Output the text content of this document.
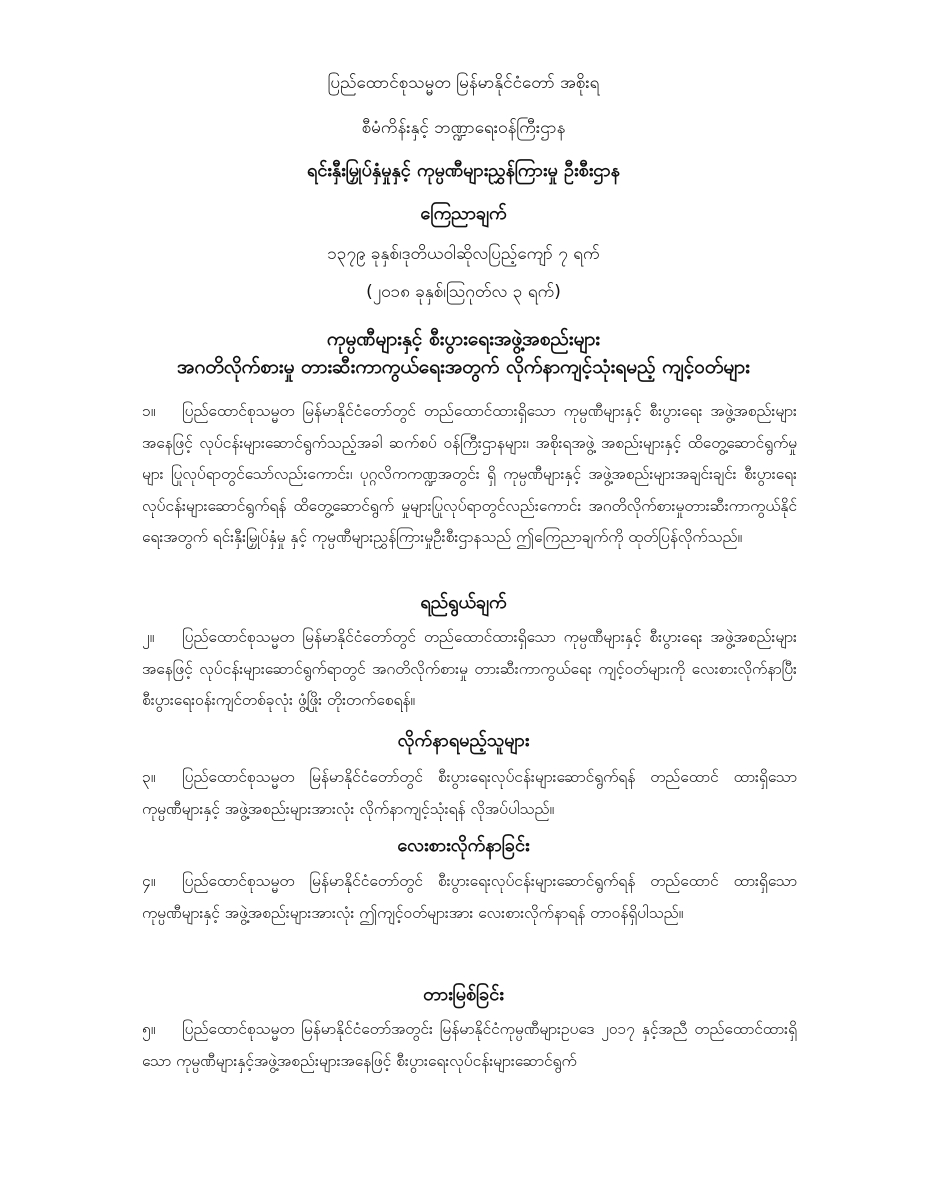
ပြည်ထောင်စုသမ္မတ မြန်မာနိုင်ငံတော် အစိုးရ
စီမံကိန်းနှင့် ဘဏ္ဍာရေးဝန်ကြီးဌာန
ရင်းနှီးမြှုပ်နှံမှုနှင့် ကုမ္ပဏီများညွှန်ကြားမှု ဦးစီးဌာန
ကြေညာချက်
၁၃၇၉ ခုနှစ်၊ဒုတိယဝါဆိုလပြည့်ကျော် ၇ ရက်
(၂၀၁၈ ခုနှစ်၊ဩဂုတ်လ ၃ ရက်)
ကုမ္ပဏီများနှင့် စီးပွားရေးအဖွဲ့အစည်းများ
အဂတိလိုက်စားမှု တားဆီးကာကွယ်ရေးအတွက် လိုက်နာကျင့်သုံးရမည့် ကျင့်ဝတ်များ
၁။ ပြည်ထောင်စုသမ္မတ မြန်မာနိုင်ငံတော်တွင် တည်ထောင်ထားရှိသော ကုမ္ပဏီများနှင့် စီးပွားရေး အဖွဲ့အစည်းများအနေဖြင့် လုပ်ငန်းများဆောင်ရွက်သည့်အခါ ဆက်စပ် ဝန်ကြီးဌာနများ၊ အစိုးရအဖွဲ့ အစည်းများနှင့် ထိတွေ့ဆောင်ရွက်မှုများ ပြုလုပ်ရာတွင်သော်လည်းကောင်း၊ ပုဂ္ဂလိကကဏ္ဍအတွင်း ရှိ ကုမ္ပဏီများနှင့် အဖွဲ့အစည်းများအချင်းချင်း စီးပွားရေးလုပ်ငန်းများဆောင်ရွက်ရန် ထိတွေ့ဆောင်ရွက် မှုများပြုလုပ်ရာတွင်လည်းကောင်း အဂတိလိုက်စားမှုတားဆီးကာကွယ်နိုင်ရေးအတွက် ရင်းနှီးမြှုပ်နှံမှု နှင့် ကုမ္ပဏီများညွှန်ကြားမှုဦးစီးဌာနသည် ဤကြေညာချက်ကို ထုတ်ပြန်လိုက်သည်။
ရည်ရွယ်ချက်
၂။ ပြည်ထောင်စုသမ္မတ မြန်မာနိုင်ငံတော်တွင် တည်ထောင်ထားရှိသော ကုမ္ပဏီများနှင့် စီးပွားရေး အဖွဲ့အစည်းများအနေဖြင့် လုပ်ငန်းများဆောင်ရွက်ရာတွင် အဂတိလိုက်စားမှု တားဆီးကာကွယ်ရေး ကျင့်ဝတ်များကို လေးစားလိုက်နာပြီး စီးပွားရေးဝန်းကျင်တစ်ခုလုံး ဖွံ့ဖြိုး တိုးတက်စေရန်။
လိုက်နာရမည့်သူများ
၃။ ပြည်ထောင်စုသမ္မတ မြန်မာနိုင်ငံတော်တွင် စီးပွားရေးလုပ်ငန်းများဆောင်ရွက်ရန် တည်ထောင် ထားရှိသော ကုမ္ပဏီများနှင့် အဖွဲ့အစည်းများအားလုံး လိုက်နာကျင့်သုံးရန် လိုအပ်ပါသည်။
လေးစားလိုက်နာခြင်း
၄။ ပြည်ထောင်စုသမ္မတ မြန်မာနိုင်ငံတော်တွင် စီးပွားရေးလုပ်ငန်းများဆောင်ရွက်ရန် တည်ထောင် ထားရှိသော ကုမ္ပဏီများနှင့် အဖွဲ့အစည်းများအားလုံး ဤကျင့်ဝတ်များအား လေးစားလိုက်နာရန် တာဝန်ရှိပါသည်။
တားမြစ်ခြင်း
၅။ ပြည်ထောင်စုသမ္မတ မြန်မာနိုင်ငံတော်အတွင်း မြန်မာနိုင်ငံကုမ္ပဏီများဥပဒေ ၂၀၁၇ နှင့်အညီ တည်ထောင်ထားရှိသော ကုမ္ပဏီများနှင့်အဖွဲ့အစည်းများအနေဖြင့် စီးပွားရေးလုပ်ငန်းများဆောင်ရွက်
